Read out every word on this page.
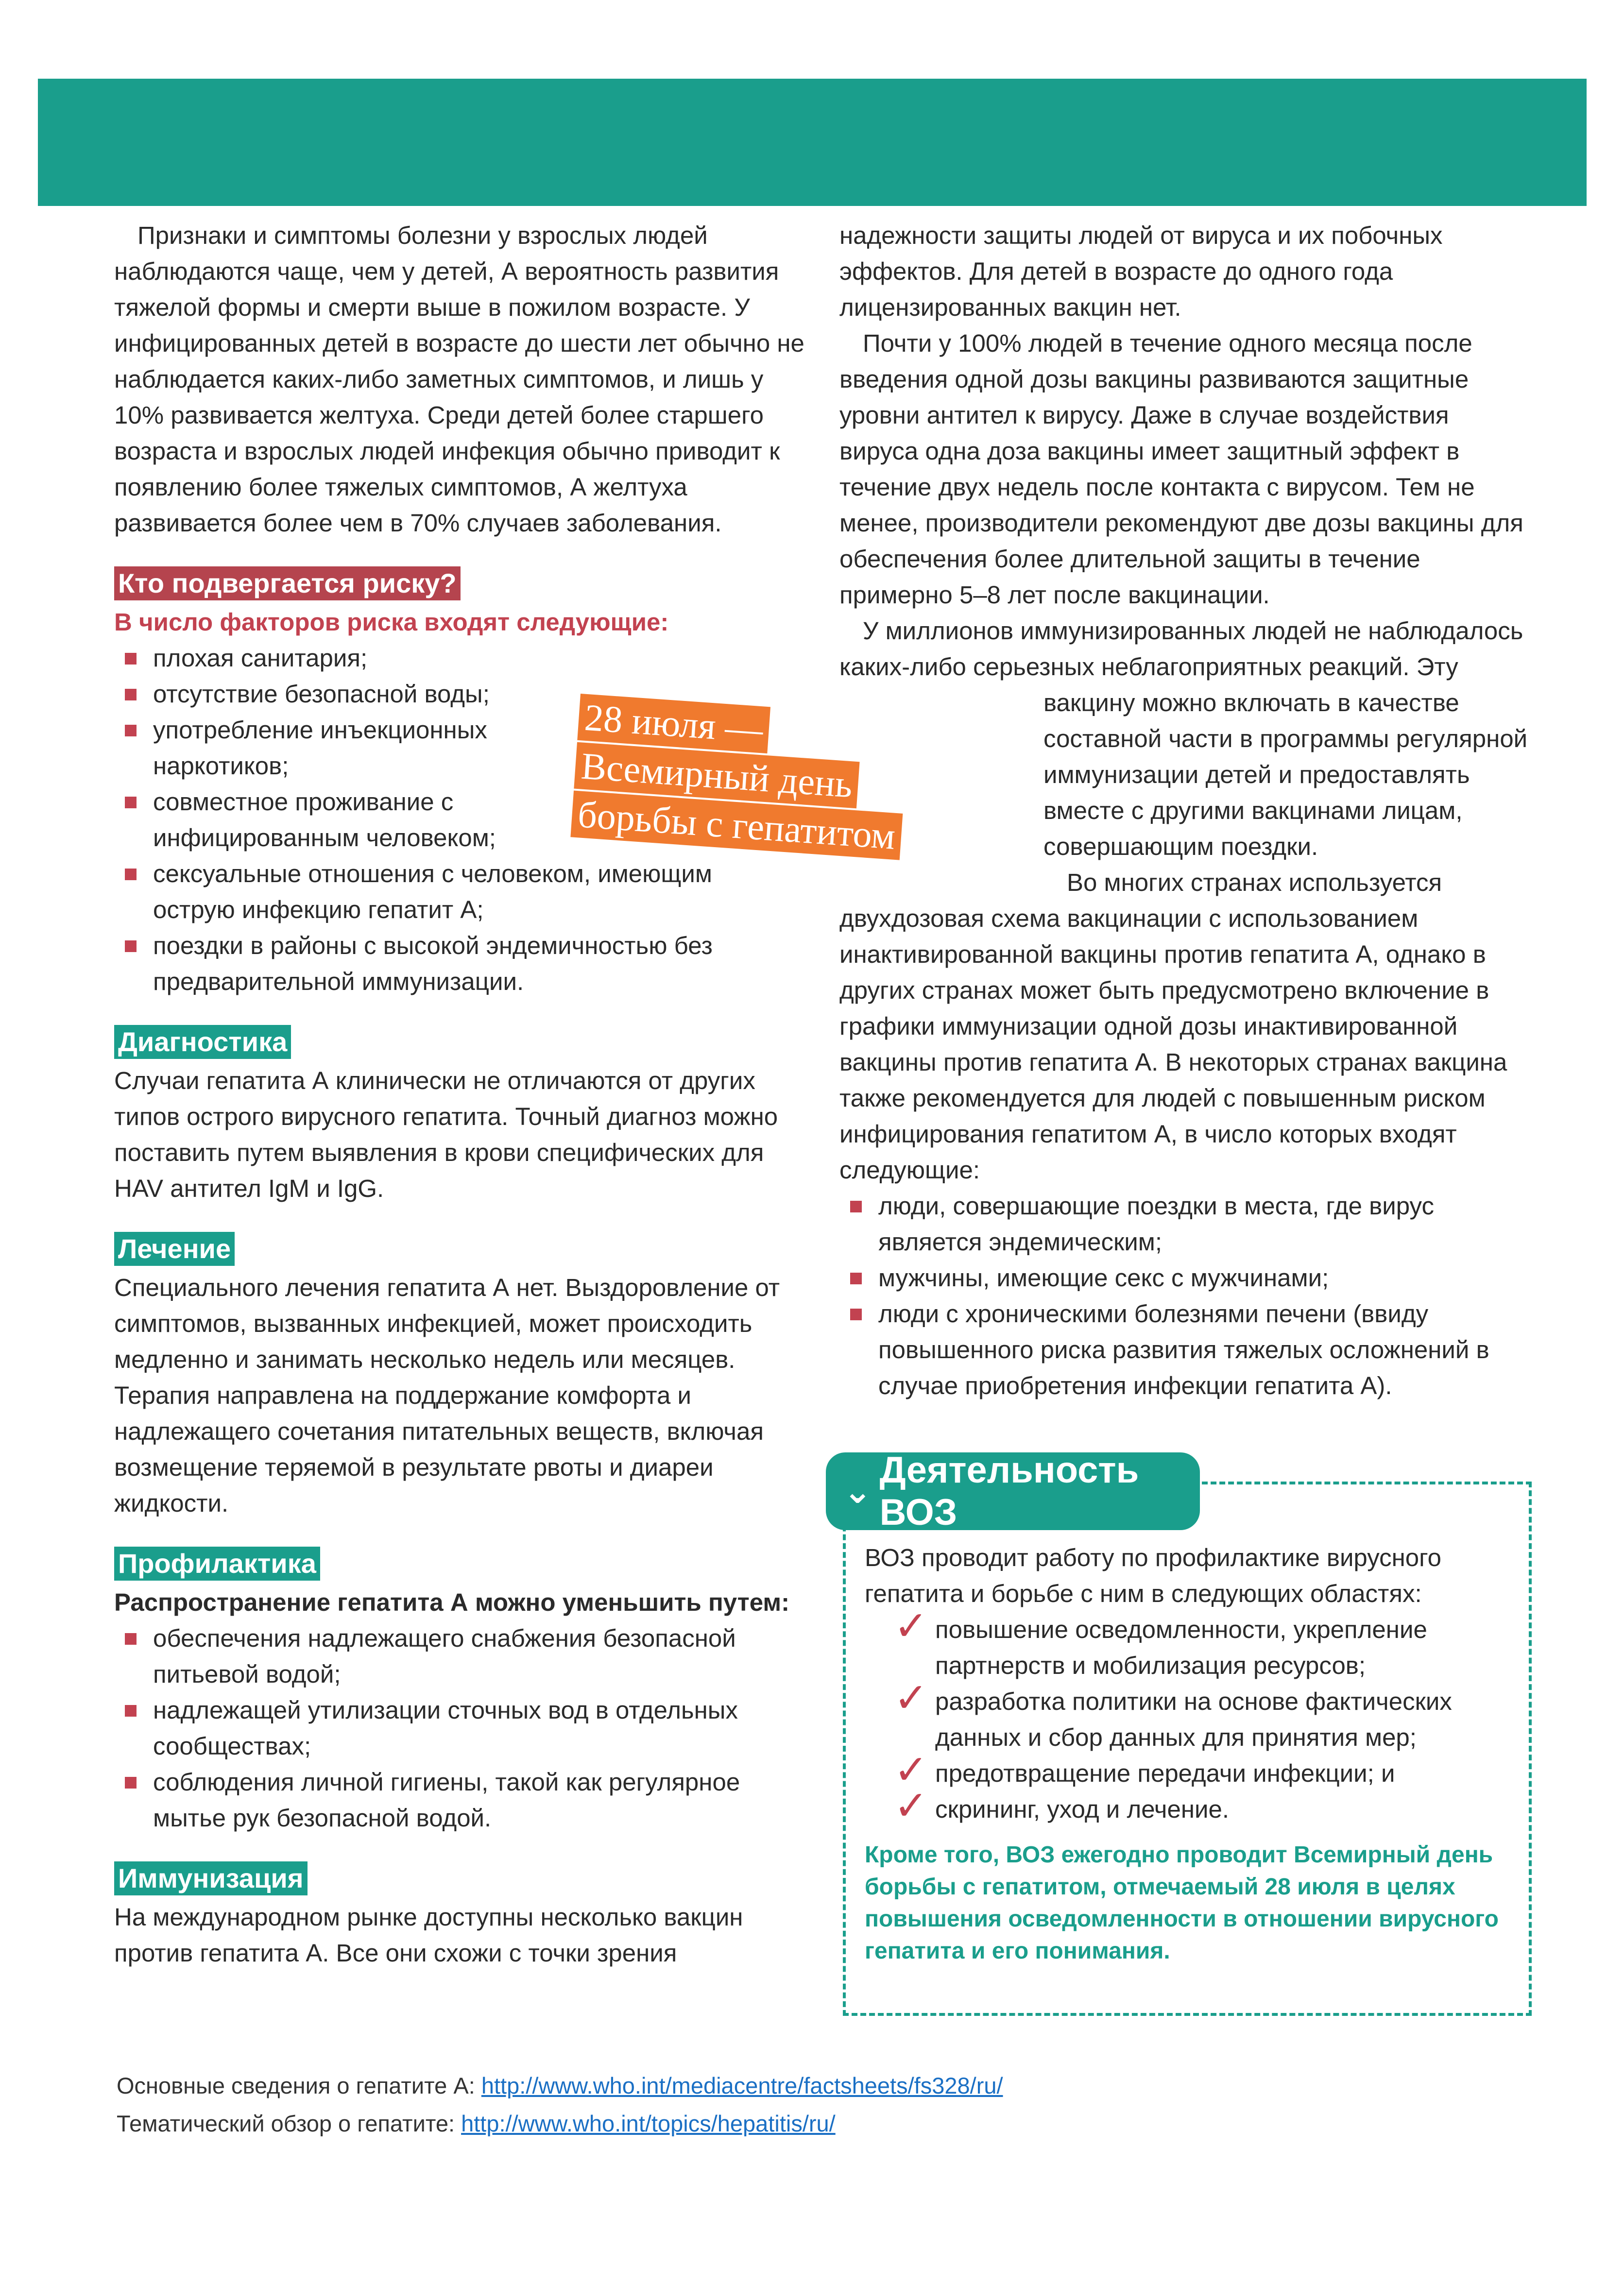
Признаки и симптомы болезни у взрослых людей наблюдаются чаще, чем у детей, А вероятность развития тяжелой формы и смерти выше в пожилом возрасте. У инфицированных детей в возрасте до шести лет обычно не наблюдается каких-либо заметных симптомов, и лишь у 10% развивается желтуха. Среди детей более старшего возраста и взрослых людей инфекция обычно приводит к появлению более тяжелых симптомов, А желтуха развивается более чем в 70% случаев заболевания.

Кто подвергается риску?

В число факторов риска входят следующие:

плохая санитария;
отсутствие безопасной воды;
употребление инъекционных наркотиков;
совместное проживание с инфицированным человеком;
сексуальные отношения с человеком, имеющим острую инфекцию гепатит А;
поездки в районы с высокой эндемичностью без предварительной иммунизации.
Диагностика

Случаи гепатита А клинически не отличаются от других типов острого вирусного гепатита. Точный диагноз можно поставить путем выявления в крови специфических для HAV антител IgM и IgG.

Лечение

Специального лечения гепатита А нет. Выздоровление от симптомов, вызванных инфекцией, может происходить медленно и занимать несколько недель или месяцев. Терапия направлена на поддержание комфорта и надлежащего сочетания питательных веществ, включая возмещение теряемой в результате рвоты и диареи жидкости.

Профилактика

Распространение гепатита А можно уменьшить путем:

обеспечения надлежащего снабжения безопасной питьевой водой;
надлежащей утилизации сточных вод в отдельных сообществах;
соблюдения личной гигиены, такой как регулярное мытье рук безопасной водой.
Иммунизация

На международном рынке доступны несколько вакцин против гепатита А. Все они схожи с точки зрения

28 июля —
Всемирный день
борьбы с гепатитом

надежности защиты людей от вируса и их побочных эффектов. Для детей в возрасте до одного года лицензированных вакцин нет.

Почти у 100% людей в течение одного месяца после введения одной дозы вакцины развиваются защитные уровни антител к вирусу. Даже в случае воздействия вируса одна доза вакцины имеет защитный эффект в течение двух недель после контакта с вирусом. Тем не менее, производители рекомендуют две дозы вакцины для обеспечения более длительной защиты в течение примерно 5–8 лет после вакцинации.

У миллионов иммунизированных людей не наблюдалось каких-либо серьезных неблагоприятных реакций. Эту

вакцину можно включать в качестве составной части в программы регулярной иммунизации детей и предоставлять вместе с другими вакцинами лицам, совершающим поездки.

Во многих странах используется

двухдозовая схема вакцинации с использованием инактивированной вакцины против гепатита А, однако в других странах может быть предусмотрено включение в графики иммунизации одной дозы инактивированной вакцины против гепатита А. В некоторых странах вакцина также рекомендуется для людей с повышенным риском инфицирования гепатитом А, в число которых входят следующие:

люди, совершающие поездки в места, где вирус является эндемическим;
мужчины, имеющие секс с мужчинами;
люди с хроническими болезнями печени (ввиду повышенного риска развития тяжелых осложнений в случае приобретения инфекции гепатита А).
⌄
Деятельность ВОЗ

ВОЗ проводит работу по профилактике вирусного гепатита и борьбе с ним в следующих областях:

✓ повышение осведомленности, укрепление партнерств и мобилизация ресурсов;
✓ разработка политики на основе фактических данных и сбор данных для принятия мер;
✓ предотвращение передачи инфекции; и
✓ скрининг, уход и лечение.

Кроме того, ВОЗ ежегодно проводит Всемирный день борьбы с гепатитом, отмечаемый 28 июля в целях повышения осведомленности в отношении вирусного гепатита и его понимания.

Основные сведения о гепатите А: http://www.who.int/mediacentre/factsheets/fs328/ru/
Тематический обзор о гепатите: http://www.who.int/topics/hepatitis/ru/
